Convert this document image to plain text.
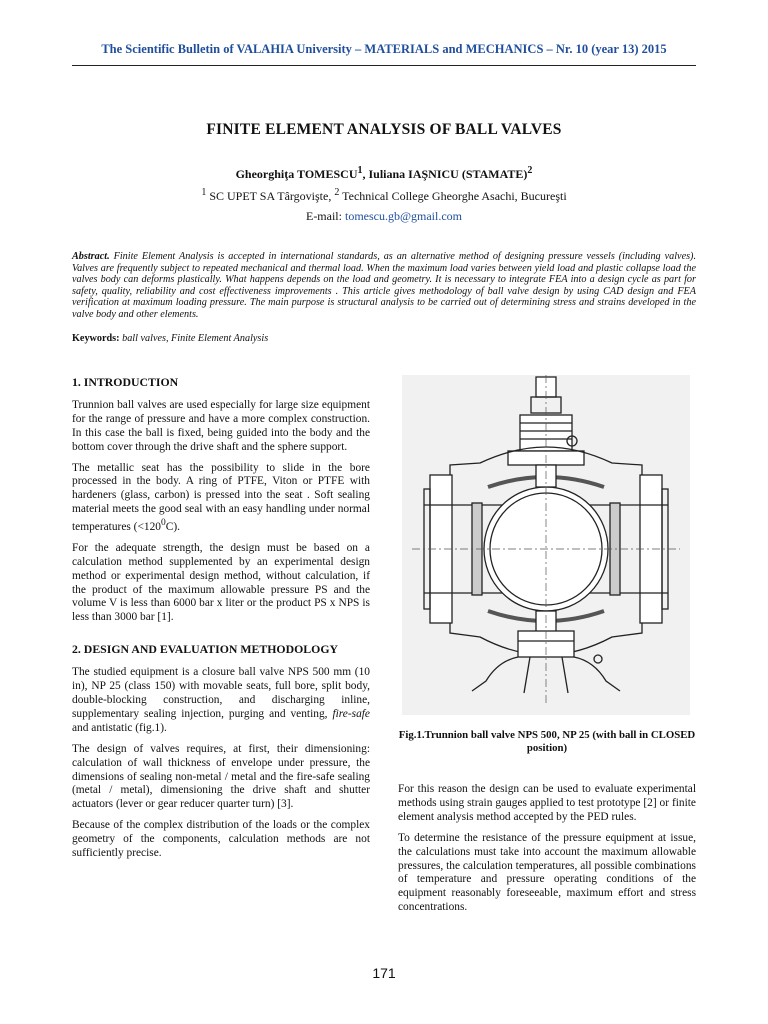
The Scientific Bulletin of VALAHIA University – MATERIALS and MECHANICS – Nr. 10 (year 13) 2015
FINITE ELEMENT ANALYSIS OF BALL VALVES
Gheorghiţa TOMESCU$^1$, Iuliana IAŞNICU (STAMATE)$^2$
$^1$ SC UPET SA Târgovişte, $^2$ Technical College Gheorghe Asachi, Bucureşti
E-mail: tomescu.gb@gmail.com
Abstract. Finite Element Analysis is accepted in international standards, as an alternative method of designing pressure vessels (including valves). Valves are frequently subject to repeated mechanical and thermal load. When the maximum load varies between yield load and plastic collapse load the valves body can deforms plastically. What happens depends on the load and geometry. It is necessary to integrate FEA into a design cycle as part for safety, quality, reliability and cost effectiveness improvements . This article gives methodology of ball valve design by using CAD design and FEA verification at maximum loading pressure. The main purpose is structural analysis to be carried out of determining stress and strains developed in the valve body and other elements.
Keywords: ball valves, Finite Element Analysis
1. INTRODUCTION

Trunnion ball valves are used especially for large size equipment for the range of pressure and have a more complex construction. In this case the ball is fixed, being guided into the body and the bottom cover through the drive shaft and the sphere support.

The metallic seat has the possibility to slide in the bore processed in the body. A ring of PTFE, Viton or PTFE with hardeners (glass, carbon) is pressed into the seat . Soft sealing material meets the good seal with an easy handling under normal temperatures $(<120^0C)$.

For the adequate strength, the design must be based on a calculation method supplemented by an experimental design method or experimental design method, without calculation, if the product of the maximum allowable pressure PS and the volume V is less than 6000 bar x liter or the product PS x NPS is less than 3000 bar [1].

2. DESIGN AND EVALUATION METHODOLOGY

The studied equipment is a closure ball valve NPS 500 mm (10 in), NP 25 (class 150) with movable seats, full bore, split body, double-blocking construction, and discharging inline, supplementary sealing injection, purging and venting, fire-safe and antistatic (fig.1).

The design of valves requires, at first, their dimensioning: calculation of wall thickness of envelope under pressure, the dimensions of sealing non-metal / metal and the fire-safe sealing (metal / metal), dimensioning the drive shaft and shutter actuators (lever or gear reducer quarter turn) [3].

Because of the complex distribution of the loads or the complex geometry of the components, calculation methods are not sufficiently precise.

Fig.1.Trunnion ball valve NPS 500, NP 25 (with ball in CLOSED position)

For this reason the design can be used to evaluate experimental methods using strain gauges applied to test prototype [2] or finite element analysis method accepted by the PED rules.

To determine the resistance of the pressure equipment at issue, the calculations must take into account the maximum allowable pressures, the calculation temperatures, all possible combinations of temperature and pressure operating conditions of the equipment reasonably foreseeable, maximum effort and stress concentrations.

171
